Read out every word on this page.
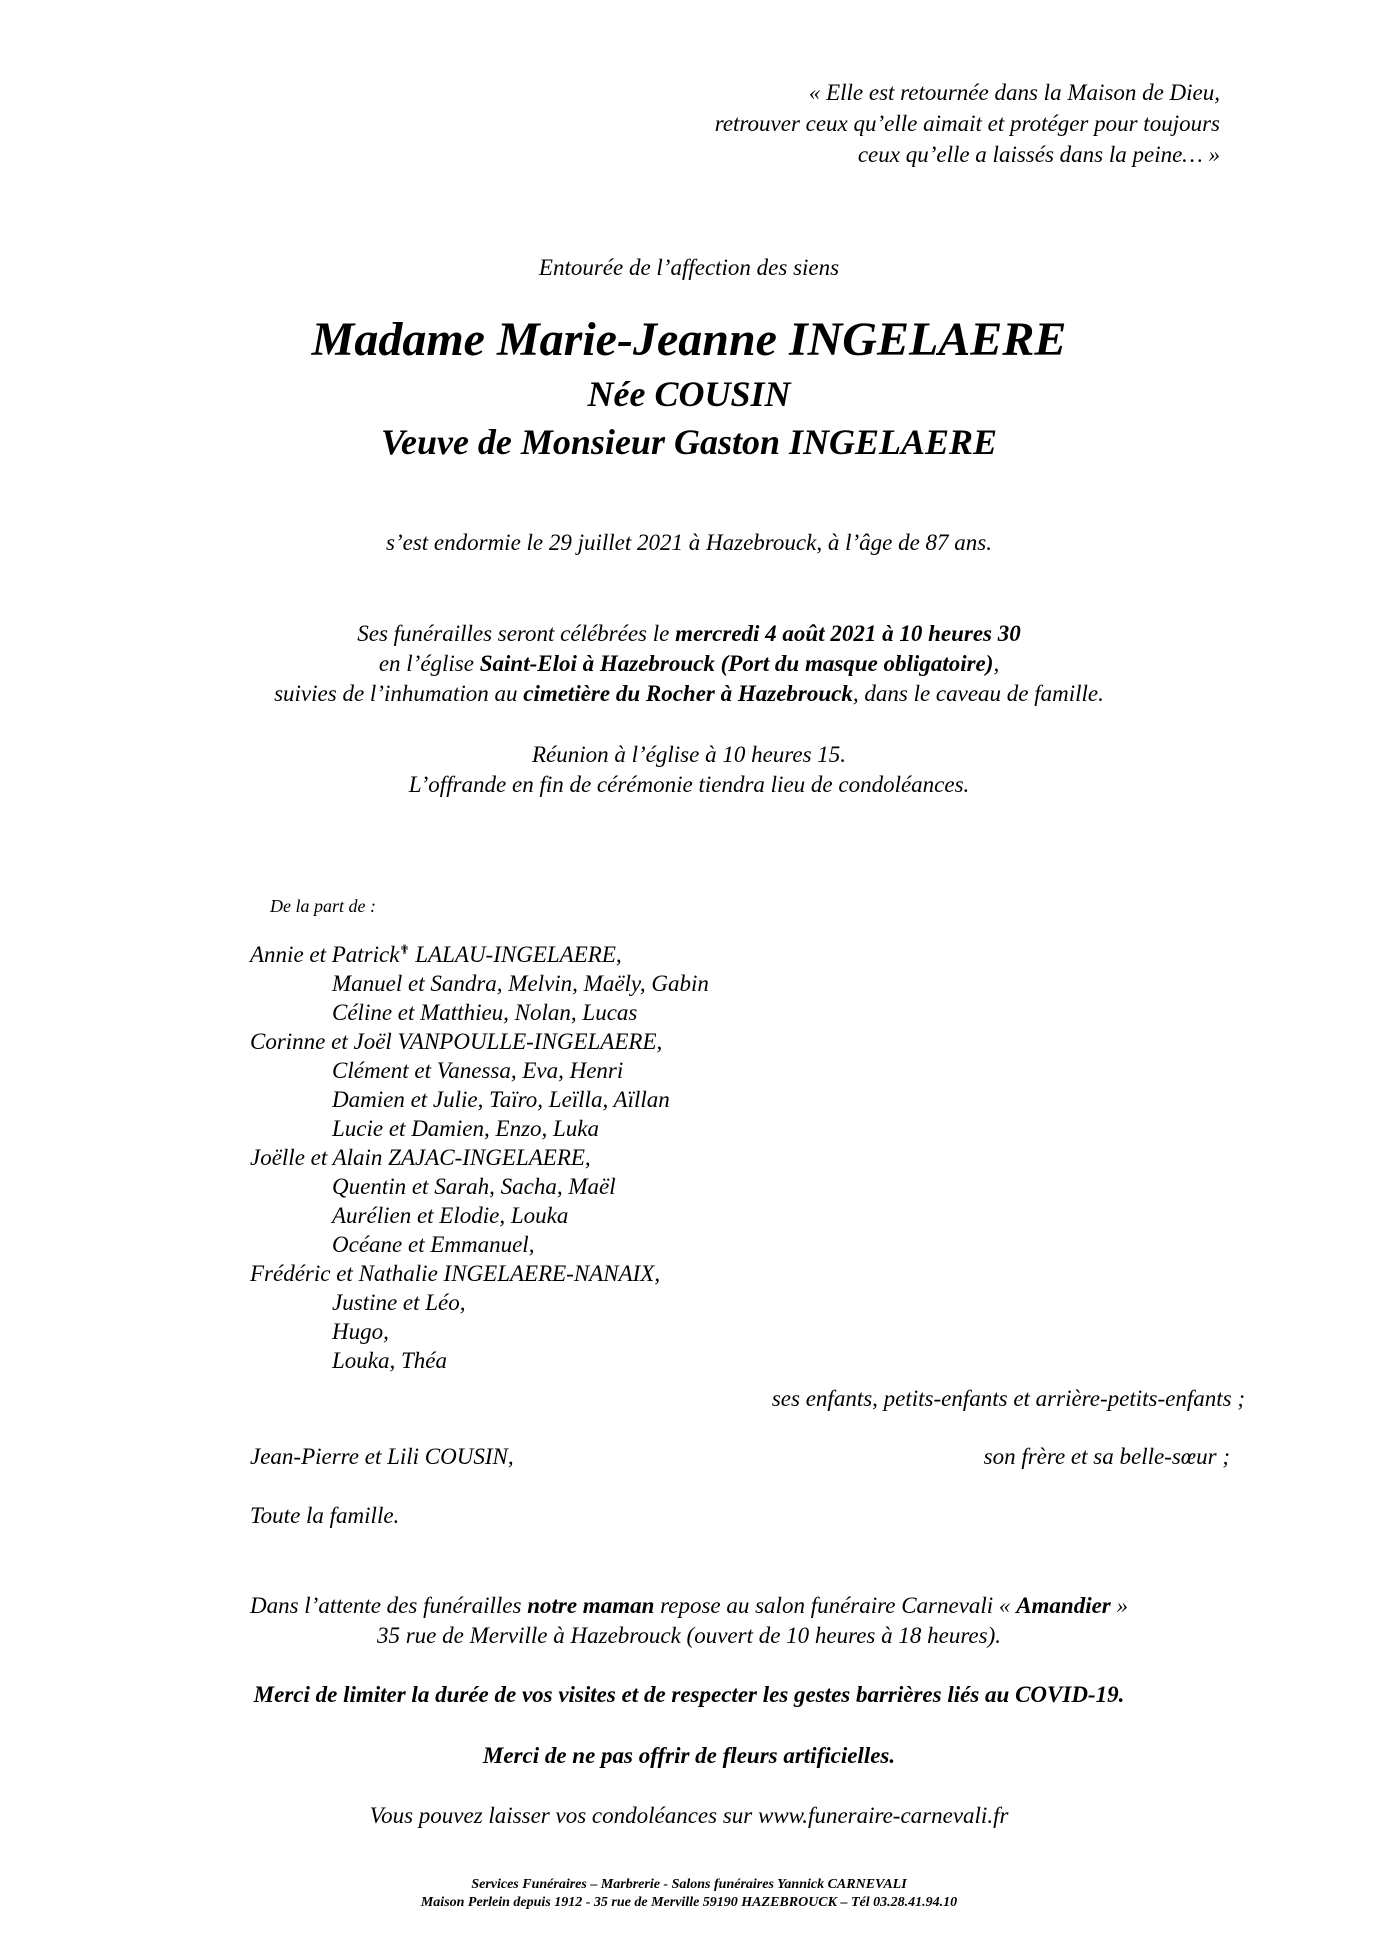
« Elle est retournée dans la Maison de Dieu,
retrouver ceux qu’elle aimait et protéger pour toujours
ceux qu’elle a laissés dans la peine… »
Entourée de l’affection des siens
Madame Marie-Jeanne INGELAERE
Née COUSIN
Veuve de Monsieur Gaston INGELAERE
s’est endormie le 29 juillet 2021 à Hazebrouck, à l’âge de 87 ans.
Ses funérailles seront célébrées le mercredi 4 août 2021 à 10 heures 30
en l’église Saint-Eloi à Hazebrouck (Port du masque obligatoire),
suivies de l’inhumation au cimetière du Rocher à Hazebrouck, dans le caveau de famille.
Réunion à l’église à 10 heures 15.
L’offrande en fin de cérémonie tiendra lieu de condoléances.
De la part de :
Annie et Patrick✟ LALAU-INGELAERE,
Manuel et Sandra, Melvin, Maëly, Gabin
Céline et Matthieu, Nolan, Lucas
Corinne et Joël VANPOULLE-INGELAERE,
Clément et Vanessa, Eva, Henri
Damien et Julie, Taïro, Leïlla, Aïllan
Lucie et Damien, Enzo, Luka
Joëlle et Alain ZAJAC-INGELAERE,
Quentin et Sarah, Sacha, Maël
Aurélien et Elodie, Louka
Océane et Emmanuel,
Frédéric et Nathalie INGELAERE-NANAIX,
Justine et Léo,
Hugo,
Louka, Théa
ses enfants, petits-enfants et arrière-petits-enfants ;
Jean-Pierre et Lili COUSIN,	son frère et sa belle-sœur ;
Toute la famille.
Dans l’attente des funérailles notre maman repose au salon funéraire Carnevali « Amandier »
35 rue de Merville à Hazebrouck (ouvert de 10 heures à 18 heures).
Merci de limiter la durée de vos visites et de respecter les gestes barrières liés au COVID-19.
Merci de ne pas offrir de fleurs artificielles.
Vous pouvez laisser vos condoléances sur www.funeraire-carnevali.fr
Services Funéraires – Marbrerie - Salons funéraires Yannick CARNEVALI
Maison Perlein depuis 1912 - 35 rue de Merville 59190 HAZEBROUCK – Tél 03.28.41.94.10
